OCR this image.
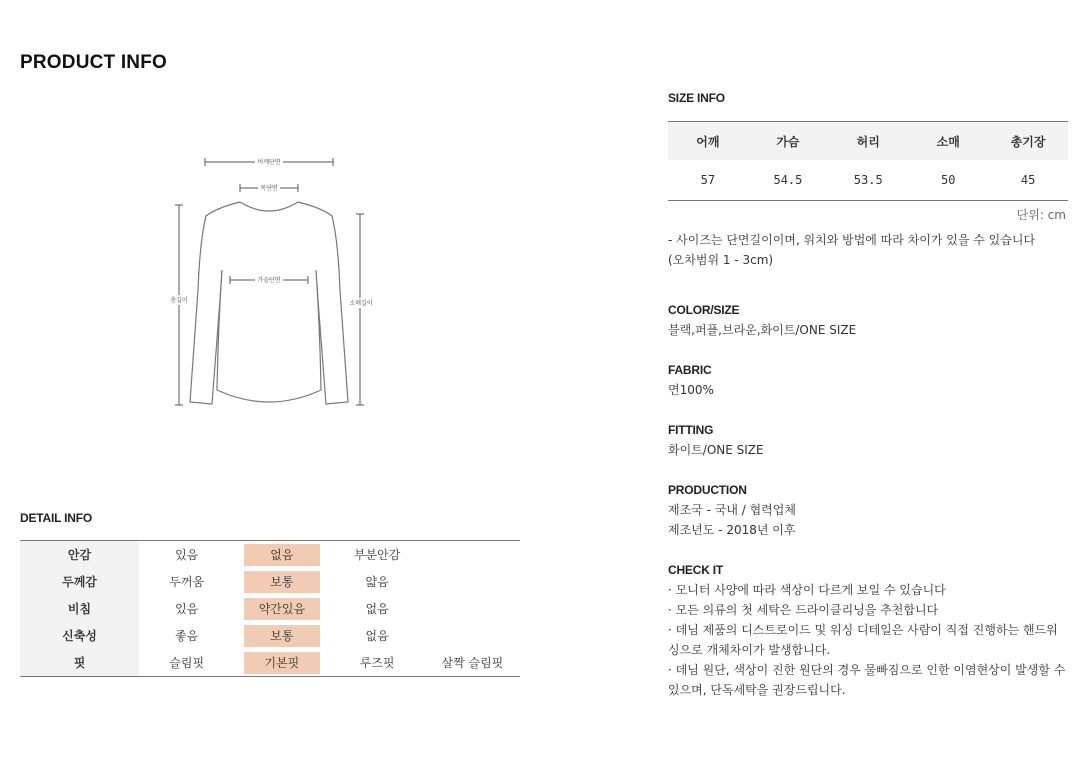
PRODUCT INFO
어깨단면
목단면
가슴단면
총길이	소매길이
DETAIL INFO
안감	있음	없음	부분안감	

두께감	두꺼움	보통	얇음	

비침	있음	약간있음	없음	

신축성	좋음	보통	없음	

핏	슬림핏	기본핏	루즈핏	살짝 슬림핏
SIZE INFO
어깨	가슴	허리	소매	총기장
57	54.5	53.5	50	45
단위: cm
- 사이즈는 단면길이이며, 위치와 방법에 따라 차이가 있을 수 있습니다
(오차범위 1 - 3cm)
COLOR/SIZE
블랙,퍼플,브라운,화이트/ONE SIZE
FABRIC
면100%
FITTING
화이트/ONE SIZE
PRODUCTION
제조국 - 국내 / 협력업체
제조년도 - 2018년 이후
CHECK IT
· 모니터 사양에 따라 색상이 다르게 보일 수 있습니다
· 모든 의류의 첫 세탁은 드라이클리닝을 추천합니다
· 데님 제품의 디스트로이드 및 워싱 디테일은 사람이 직접 진행하는 핸드워싱으로 개체차이가 발생합니다.
· 데님 원단, 색상이 진한 원단의 경우 물빠짐으로 인한 이염현상이 발생할 수 있으며, 단독세탁을 권장드립니다.
